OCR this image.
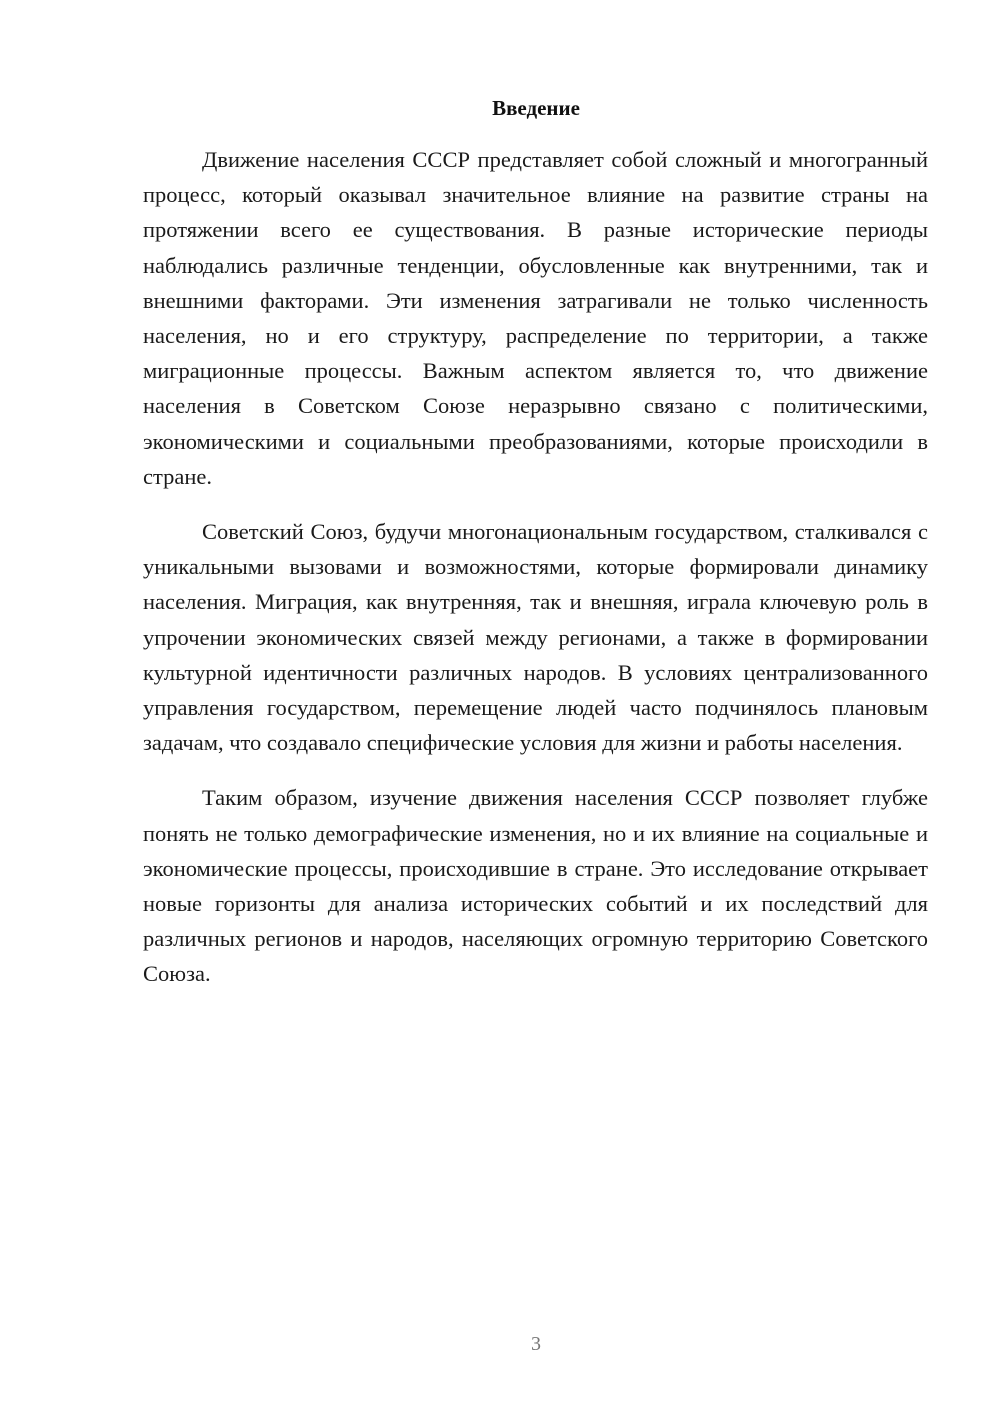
Введение

Движение населения СССР представляет собой сложный и многогранный процесс, который оказывал значительное влияние на развитие страны на протяжении всего ее существования. В разные исторические периоды наблюдались различные тенденции, обусловленные как внутренними, так и внешними факторами. Эти изменения затрагивали не только численность населения, но и его структуру, распределение по территории, а также миграционные процессы. Важным аспектом является то, что движение населения в Советском Союзе неразрывно связано с политическими, экономическими и социальными преобразованиями, которые происходили в стране.

Советский Союз, будучи многонациональным государством, сталкивался с уникальными вызовами и возможностями, которые формировали динамику населения. Миграция, как внутренняя, так и внешняя, играла ключевую роль в упрочении экономических связей между регионами, а также в формировании культурной идентичности различных народов. В условиях централизованного управления государством, перемещение людей часто подчинялось плановым задачам, что создавало специфические условия для жизни и работы населения.

Таким образом, изучение движения населения СССР позволяет глубже понять не только демографические изменения, но и их влияние на социальные и экономические процессы, происходившие в стране. Это исследование открывает новые горизонты для анализа исторических событий и их последствий для различных регионов и народов, населяющих огромную территорию Советского Союза.

3
